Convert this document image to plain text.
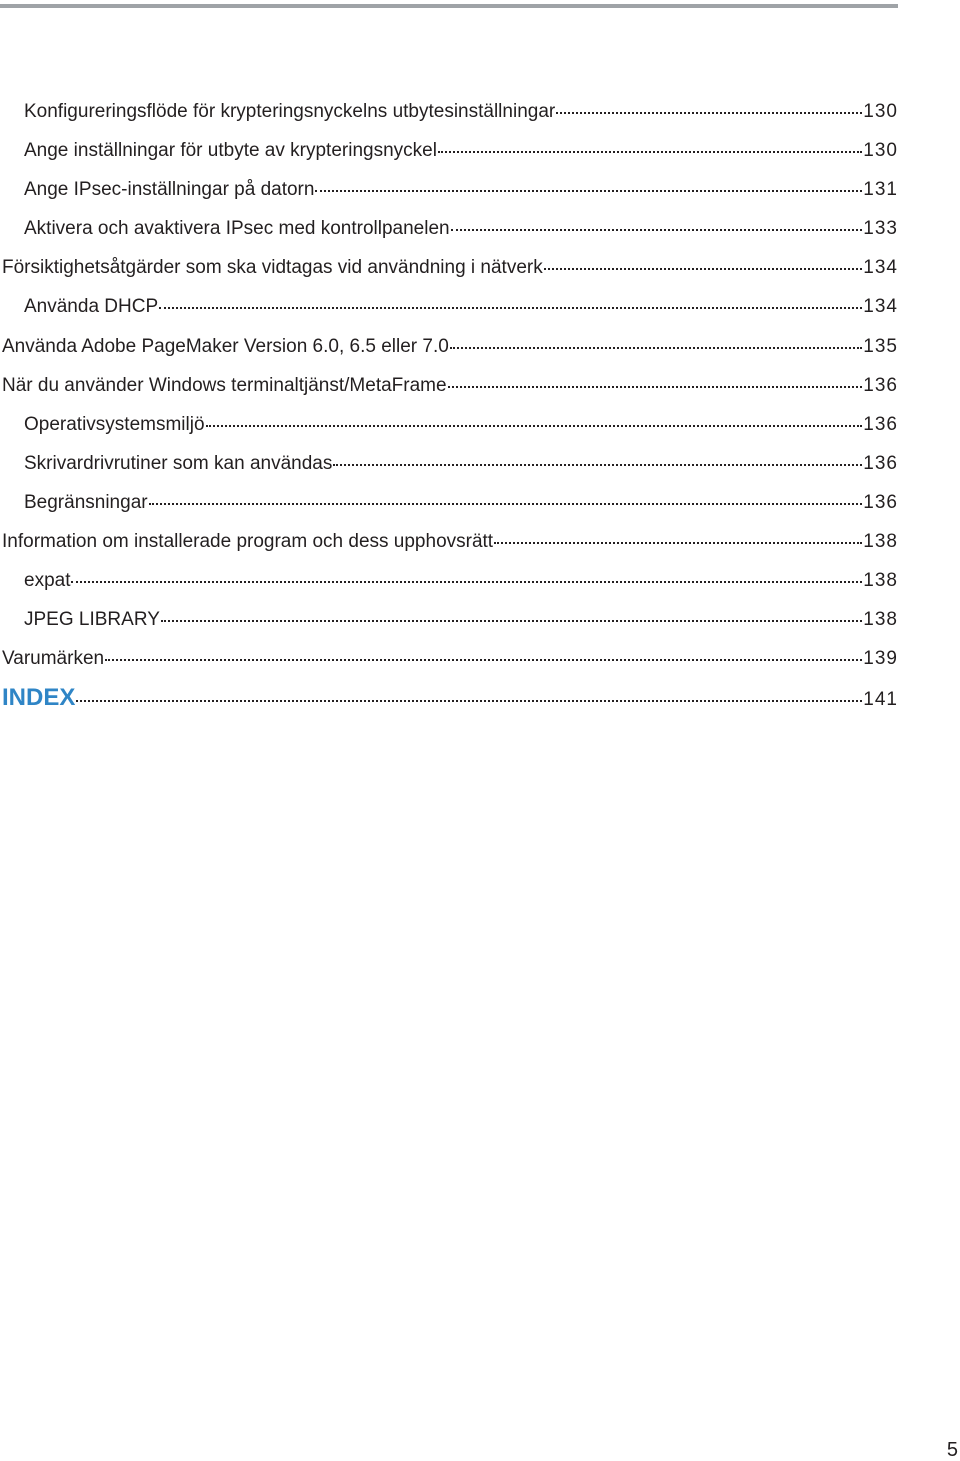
Konfigureringsflöde för krypteringsnyckelns utbytesinställningar	130
Ange inställningar för utbyte av krypteringsnyckel	130
Ange IPsec-inställningar på datorn	131
Aktivera och avaktivera IPsec med kontrollpanelen	133
Försiktighetsåtgärder som ska vidtagas vid användning i nätverk	134
Använda DHCP	134
Använda Adobe PageMaker Version 6.0, 6.5 eller 7.0	135
När du använder Windows terminaltjänst/MetaFrame	136
Operativsystemsmiljö	136
Skrivardrivrutiner som kan användas	136
Begränsningar	136
Information om installerade program och dess upphovsrätt	138
expat	138
JPEG LIBRARY	138
Varumärken	139
INDEX	141
5
